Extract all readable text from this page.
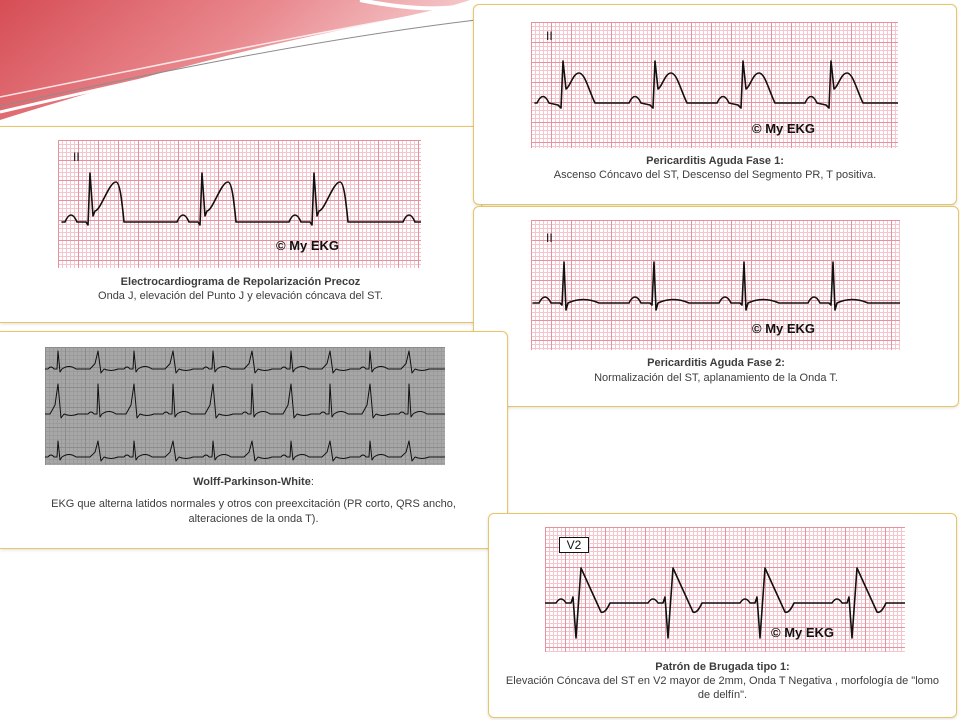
II
© My EKG
Electrocardiograma de Repolarización Precoz
Onda J, elevación del Punto J y elevación cóncava del ST.
II
© My EKG
Pericarditis Aguda Fase 1:
Ascenso Cóncavo del ST, Descenso del Segmento PR, T positiva.
II
© My EKG
Pericarditis Aguda Fase 2:
Normalización del ST, aplanamiento de la Onda T.
Wolff-Parkinson-White:
EKG que alterna latidos normales y otros con preexcitación (PR corto, QRS ancho, alteraciones de la onda T).
V2
© My EKG
Patrón de Brugada tipo 1:
Elevación Cóncava del ST en V2 mayor de 2mm, Onda T Negativa , morfología de "lomo de delfín".
